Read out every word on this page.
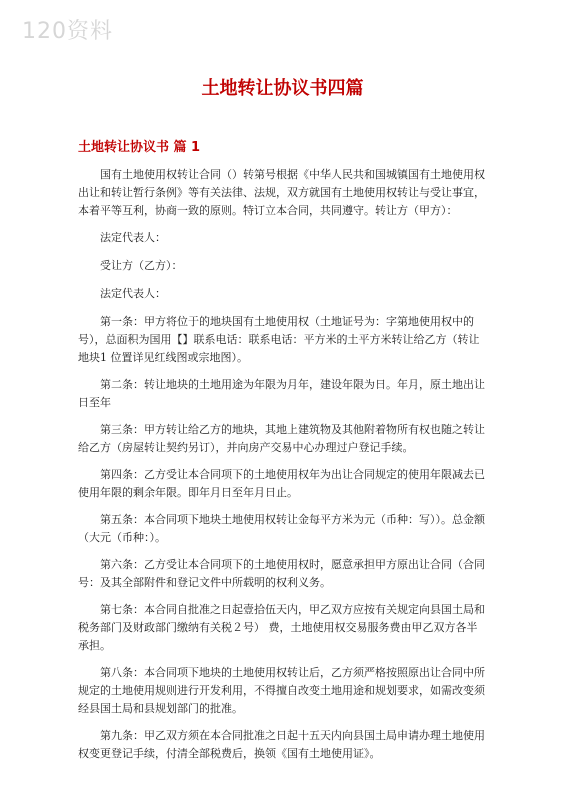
120资料
土地转让协议书四篇
土地转让协议书 篇 1

国有土地使用权转让合同（）转第号根据《中华人民共和国城镇国有土地使用权出让和转让暂行条例》等有关法律、法规，双方就国有土地使用权转让与受让事宜，本着平等互利，协商一致的原则。特订立本合同，共同遵守。转让方（甲方）：

法定代表人：

受让方（乙方）：

法定代表人：

第一条：甲方将位于的地块国有土地使用权（土地证号为：字第地使用权中的号），总面积为国用【】联系电话：联系电话：平方米的土平方米转让给乙方（转让地块1 位置详见红线图或宗地图）。

第二条：转让地块的土地用途为年限为月年，建设年限为日。年月，原土地出让日至年

第三条：甲方转让给乙方的地块，其地上建筑物及其他附着物所有权也随之转让给乙方（房屋转让契约另订），并向房产交易中心办理过户登记手续。

第四条：乙方受让本合同项下的土地使用权年为出让合同规定的使用年限减去已使用年限的剩余年限。即年月日至年月日止。

第五条：本合同项下地块土地使用权转让金每平方米为元（币种：写））。总金额（大元（币种：）。

第六条：乙方受让本合同项下的土地使用权时，愿意承担甲方原出让合同（合同号：及其全部附件和登记文件中所载明的权利义务。

第七条：本合同自批准之日起壹拾伍天内，甲乙双方应按有关规定向县国土局和税务部门及财政部门缴纳有关税２号） 费，土地使用权交易服务费由甲乙双方各半承担。

第八条：本合同项下地块的土地使用权转让后，乙方须严格按照原出让合同中所规定的土地使用规则进行开发利用，不得擅自改变土地用途和规划要求，如需改变须经县国土局和县规划部门的批准。

第九条：甲乙双方须在本合同批准之日起十五天内向县国土局申请办理土地使用权变更登记手续，付清全部税费后，换领《国有土地使用证》。
